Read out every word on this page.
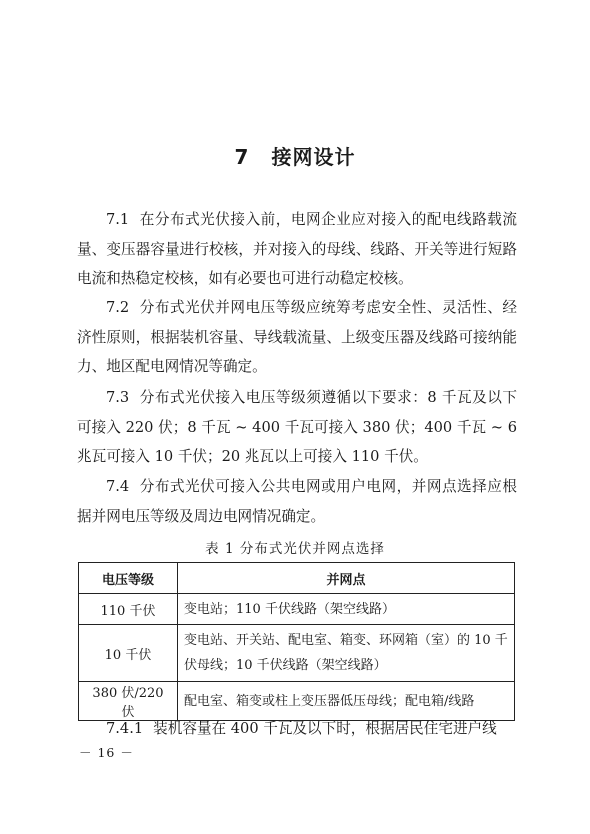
7 接网设计

7.1 在分布式光伏接入前，电网企业应对接入的配电线路载流量、变压器容量进行校核，并对接入的母线、线路、开关等进行短路电流和热稳定校核，如有必要也可进行动稳定校核。

7.2 分布式光伏并网电压等级应统筹考虑安全性、灵活性、经济性原则，根据装机容量、导线载流量、上级变压器及线路可接纳能力、地区配电网情况等确定。

7.3 分布式光伏接入电压等级须遵循以下要求：8 千瓦及以下可接入 220 伏；8 千瓦 ~ 400 千瓦可接入 380 伏；400 千瓦 ~ 6 兆瓦可接入 10 千伏；20 兆瓦以上可接入 110 千伏。

7.4 分布式光伏可接入公共电网或用户电网，并网点选择应根据并网电压等级及周边电网情况确定。

表 1 分布式光伏并网点选择
电压等级	并网点
110 千伏	变电站；110 千伏线路（架空线路）
10 千伏	变电站、开关站、配电室、箱变、环网箱（室）的 10 千伏母线；10 千伏线路（架空线路）
380 伏/220 伏	配电室、箱变或柱上变压器低压母线；配电箱/线路

7.4.1 装机容量在 400 千瓦及以下时，根据居民住宅进户线

－ 16 －
